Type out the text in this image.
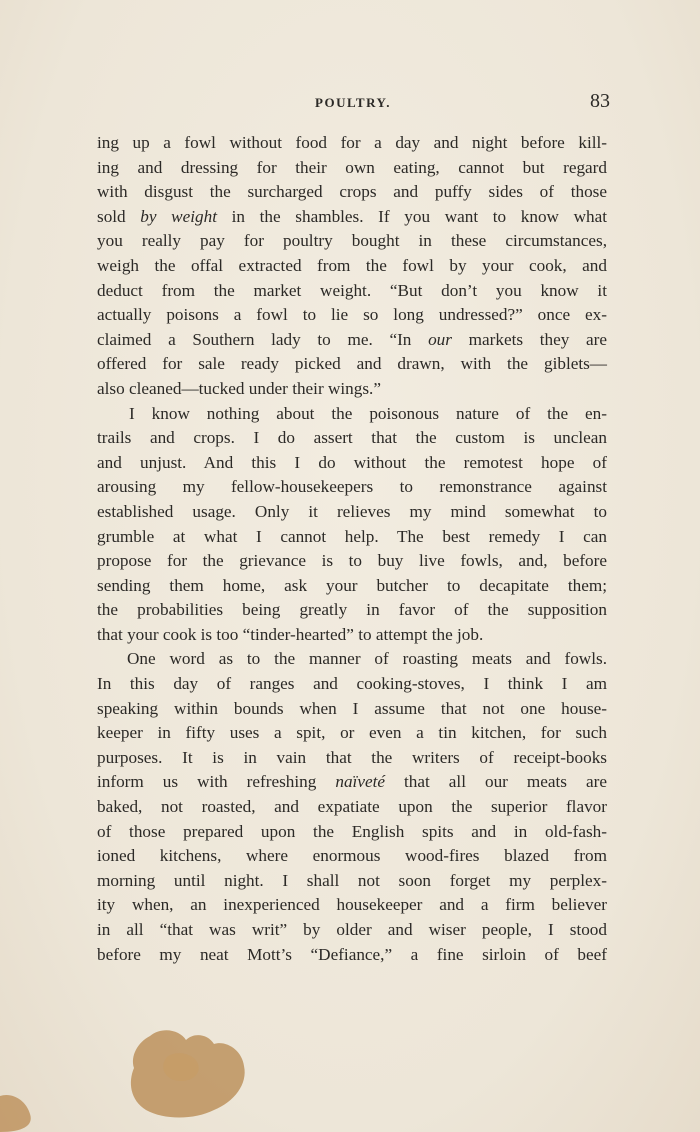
POULTRY.	83
ing up a fowl without food for a day and night before kill-
ing and dressing for their own eating, cannot but regard
with disgust the surcharged crops and puffy sides of those
sold by weight in the shambles. If you want to know what
you really pay for poultry bought in these circumstances,
weigh the offal extracted from the fowl by your cook, and
deduct from the market weight. “But don’t you know it
actually poisons a fowl to lie so long undressed?” once ex-
claimed a Southern lady to me. “In our markets they are
offered for sale ready picked and drawn, with the giblets—
also cleaned—tucked under their wings.”
I know nothing about the poisonous nature of the en-
trails and crops. I do assert that the custom is unclean
and unjust. And this I do without the remotest hope of
arousing my fellow-housekeepers to remonstrance against
established usage. Only it relieves my mind somewhat to
grumble at what I cannot help. The best remedy I can
propose for the grievance is to buy live fowls, and, before
sending them home, ask your butcher to decapitate them;
the probabilities being greatly in favor of the supposition
that your cook is too “tinder-hearted” to attempt the job.
One word as to the manner of roasting meats and fowls.
In this day of ranges and cooking-stoves, I think I am
speaking within bounds when I assume that not one house-
keeper in fifty uses a spit, or even a tin kitchen, for such
purposes. It is in vain that the writers of receipt-books
inform us with refreshing naïveté that all our meats are
baked, not roasted, and expatiate upon the superior flavor
of those prepared upon the English spits and in old-fash-
ioned kitchens, where enormous wood-fires blazed from
morning until night. I shall not soon forget my perplex-
ity when, an inexperienced housekeeper and a firm believer
in all “that was writ” by older and wiser people, I stood
before my neat Mott’s “Defiance,” a fine sirloin of beef
